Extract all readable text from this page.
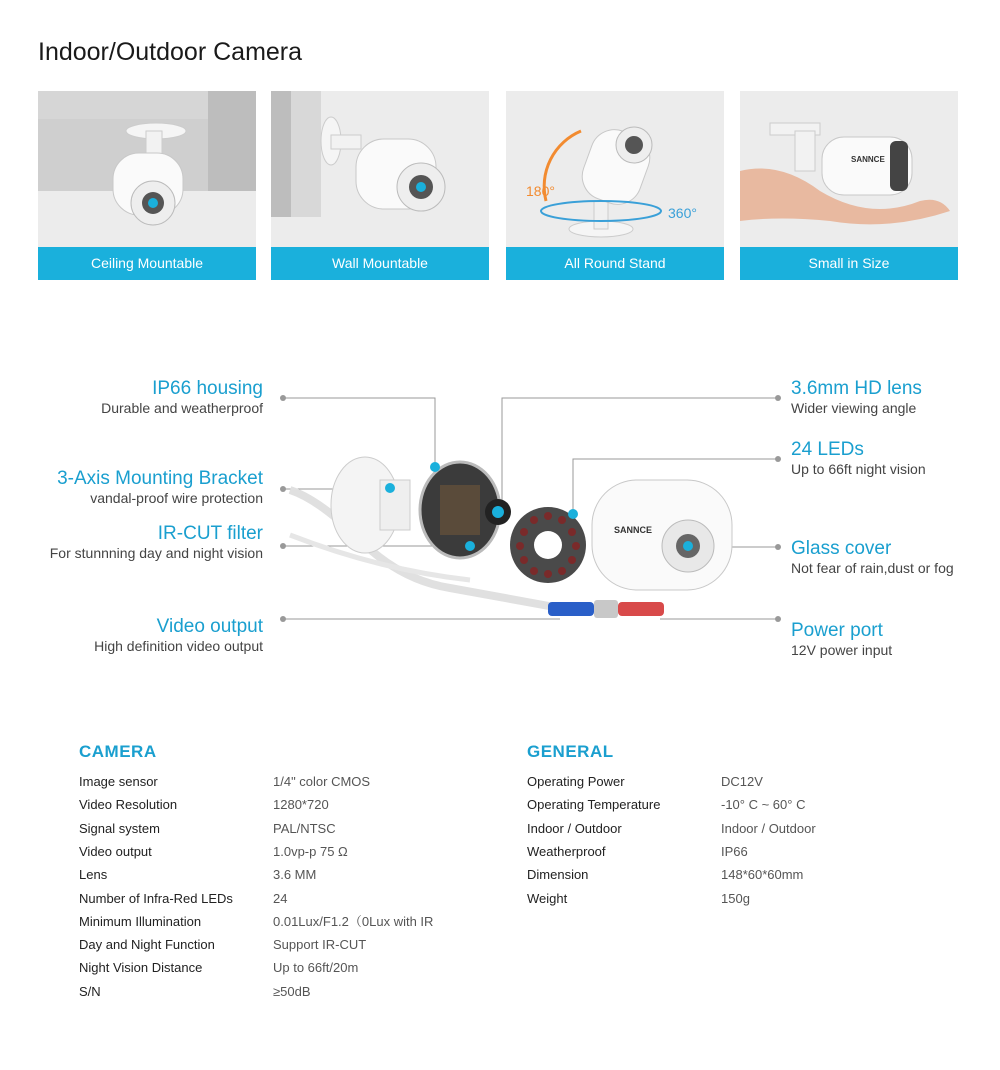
Indoor/Outdoor Camera
Ceiling Mountable	Wall Mountable
180°
360°
All Round Stand
SANNCE
Small in Size
SANNCE
IP66 housing
Durable and weatherproof
3-Axis Mounting Bracket
vandal-proof wire protection
IR-CUT filter
For stunnning day and night vision
Video output
High definition video output
3.6mm HD lens
Wider viewing angle
24 LEDs
Up to 66ft night vision
Glass cover
Not fear of rain,dust or fog
Power port
12V power input
CAMERA
Image sensor	1/4" color CMOS
Video Resolution	1280*720
Signal system	PAL/NTSC
Video output	1.0vp-p 75 Ω
Lens	3.6 MM
Number of Infra-Red LEDs	24
Minimum Illumination	0.01Lux/F1.2（0Lux with IR
Day and Night Function	Support IR-CUT
Night Vision Distance	Up to 66ft/20m
S/N	≥50dB
GENERAL
Operating Power	DC12V
Operating Temperature	-10° C ~ 60° C
Indoor / Outdoor	Indoor / Outdoor
Weatherproof	IP66
Dimension	148*60*60mm
Weight	150g
